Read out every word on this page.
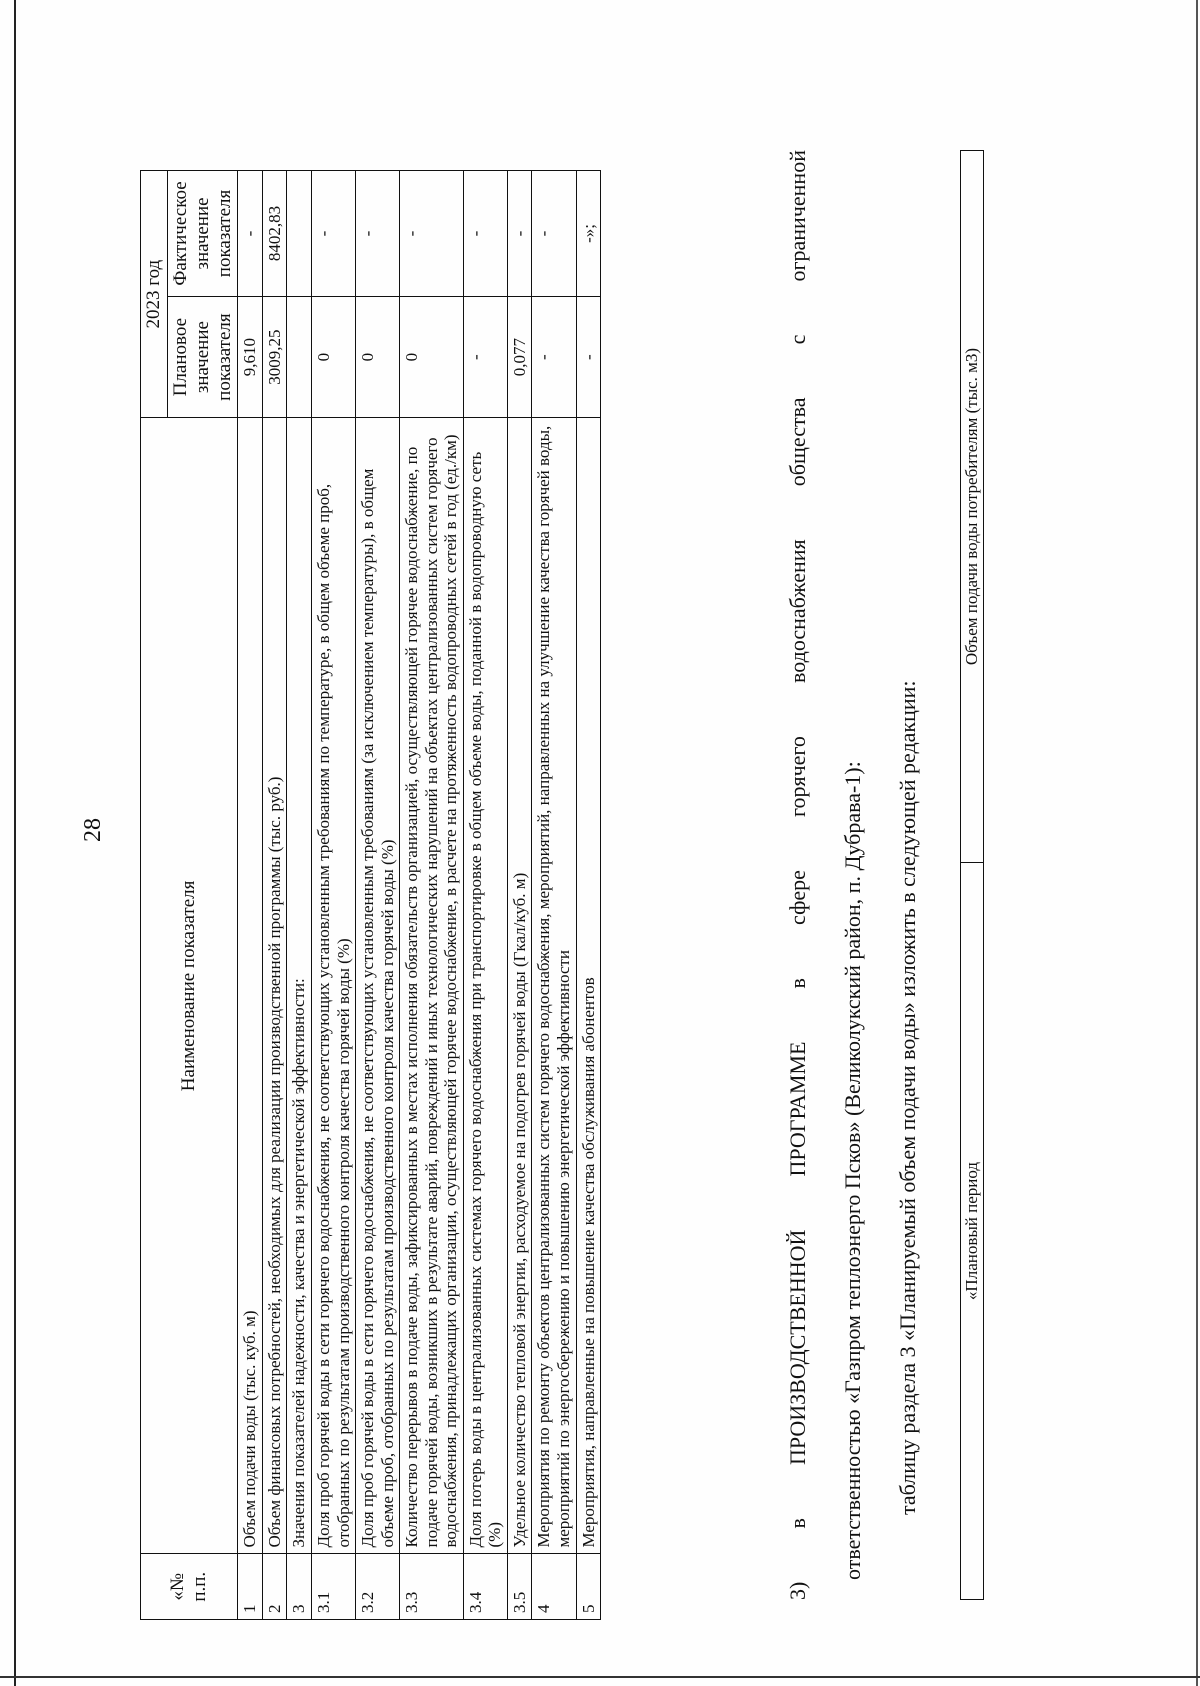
28
«№ п.п.	Наименование показателя	2023 год	
		Плановое значение показателя	Фактическое значение показателя
1	Объем подачи воды (тыс. куб. м)	9,610	-
2	Объем финансовых потребностей, необходимых для реализации производственной программы (тыс. руб.)	3009,25	8402,83
3	Значения показателей надежности, качества и энергетической эффективности:		
3.1	Доля проб горячей воды в сети горячего водоснабжения, не соответствующих установленным требованиям по температуре, в общем объеме проб, отобранных по результатам производственного контроля качества горячей воды (%)	0	-
3.2	Доля проб горячей воды в сети горячего водоснабжения, не соответствующих установленным требованиям (за исключением температуры), в общем объеме проб, отобранных по результатам производственного контроля качества горячей воды (%)	0	-
3.3	Количество перерывов в подаче воды, зафиксированных в местах исполнения обязательств организацией, осуществляющей горячее водоснабжение, по подаче горячей воды, возникших в результате аварий, повреждений и иных технологических нарушений на объектах централизованных систем горячего водоснабжения, принадлежащих организации, осуществляющей горячее водоснабжение, в расчете на протяженность водопроводных сетей в год (ед./км)	0	-
3.4	Доля потерь воды в централизованных системах горячего водоснабжения при транспортировке в общем объеме воды, поданной в водопроводную сеть (%)	-	-
3.5	Удельное количество тепловой энергии, расходуемое на подогрев горячей воды (Гкал/куб. м)	0,077	-
4	Мероприятия по ремонту объектов централизованных систем горячего водоснабжения, мероприятий, направленных на улучшение качества горячей воды, мероприятий по энергосбережению и повышению энергетической эффективности	-	-
5	Мероприятия, направленные на повышение качества обслуживания абонентов	-	-»;
3)
в
ПРОИЗВОДСТВЕННОЙ
ПРОГРАММЕ
в
сфере
горячего
водоснабжения
общества
с
ограниченной
ответственностью «Газпром теплоэнерго Псков» (Великолукский район, п. Дубрава-1): таблицу раздела 3 «Планируемый объем подачи воды» изложить в следующей редакции: «Плановый период	Объем подачи воды потребителям (тыс. м3)
